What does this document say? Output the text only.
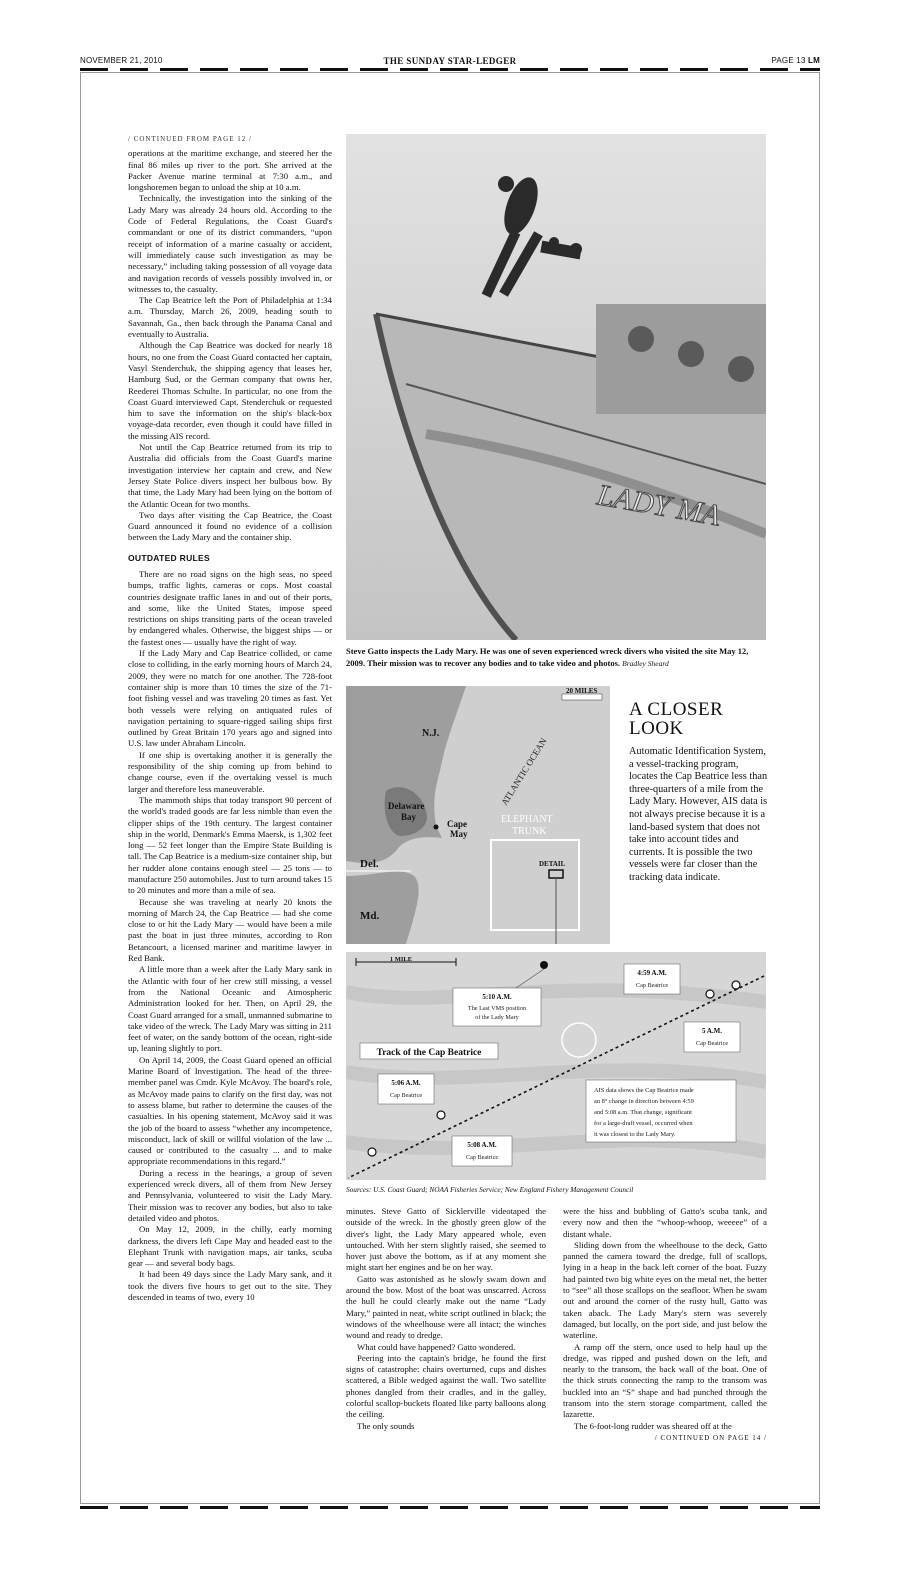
NOVEMBER 21, 2010	THE SUNDAY STAR-LEDGER	PAGE 13 LM
/ CONTINUED FROM PAGE 12 /

operations at the maritime exchange, and steered her the final 86 miles up river to the port. She arrived at the Packer Avenue marine terminal at 7:30 a.m., and longshoremen began to unload the ship at 10 a.m.

Technically, the investigation into the sinking of the Lady Mary was already 24 hours old. According to the Code of Federal Regulations, the Coast Guard's commandant or one of its district commanders, “upon receipt of information of a marine casualty or accident, will immediately cause such investigation as may be necessary,” including taking possession of all voyage data and navigation records of vessels possibly involved in, or witnesses to, the casualty.

The Cap Beatrice left the Port of Philadelphia at 1:34 a.m. Thursday, March 26, 2009, heading south to Savannah, Ga., then back through the Panama Canal and eventually to Australia.

Although the Cap Beatrice was docked for nearly 18 hours, no one from the Coast Guard contacted her captain, Vasyl Stenderchuk, the shipping agency that leases her, Hamburg Sud, or the German company that owns her, Reederei Thomas Schulte. In particular, no one from the Coast Guard interviewed Capt. Stenderchuk or requested him to save the information on the ship's black-box voyage-data recorder, even though it could have filled in the missing AIS record.

Not until the Cap Beatrice returned from its trip to Australia did officials from the Coast Guard's marine investigation interview her captain and crew, and New Jersey State Police divers inspect her bulbous bow. By that time, the Lady Mary had been lying on the bottom of the Atlantic Ocean for two months.

Two days after visiting the Cap Beatrice, the Coast Guard announced it found no evidence of a collision between the Lady Mary and the container ship.

OUTDATED RULES

There are no road signs on the high seas, no speed bumps, traffic lights, cameras or cops. Most coastal countries designate traffic lanes in and out of their ports, and some, like the United States, impose speed restrictions on ships transiting parts of the ocean traveled by endangered whales. Otherwise, the biggest ships — or the fastest ones — usually have the right of way.

If the Lady Mary and Cap Beatrice collided, or came close to colliding, in the early morning hours of March 24, 2009, they were no match for one another. The 728-foot container ship is more than 10 times the size of the 71-foot fishing vessel and was traveling 20 times as fast. Yet both vessels were relying on antiquated rules of navigation pertaining to square-rigged sailing ships first outlined by Great Britain 170 years ago and signed into U.S. law under Abraham Lincoln.

If one ship is overtaking another it is generally the responsibility of the ship coming up from behind to change course, even if the overtaking vessel is much larger and therefore less maneuverable.

The mammoth ships that today transport 90 percent of the world's traded goods are far less nimble than even the clipper ships of the 19th century. The largest container ship in the world, Denmark's Emma Maersk, is 1,302 feet long — 52 feet longer than the Empire State Building is tall. The Cap Beatrice is a medium-size container ship, but her rudder alone contains enough steel — 25 tons — to manufacture 250 automobiles. Just to turn around takes 15 to 20 minutes and more than a mile of sea.

Because she was traveling at nearly 20 knots the morning of March 24, the Cap Beatrice — had she come close to or hit the Lady Mary — would have been a mile past the boat in just three minutes, according to Ron Betancourt, a licensed mariner and maritime lawyer in Red Bank.

A little more than a week after the Lady Mary sank in the Atlantic with four of her crew still missing, a vessel from the National Oceanic and Atmospheric Administration looked for her. Then, on April 29, the Coast Guard arranged for a small, unmanned submarine to take video of the wreck. The Lady Mary was sitting in 211 feet of water, on the sandy bottom of the ocean, right-side up, leaning slightly to port.

On April 14, 2009, the Coast Guard opened an official Marine Board of Investigation. The head of the three-member panel was Cmdr. Kyle McAvoy. The board's role, as McAvoy made pains to clarify on the first day, was not to assess blame, but rather to determine the causes of the casualties. In his opening statement, McAvoy said it was the job of the board to assess “whether any incompetence, misconduct, lack of skill or willful violation of the law ... caused or contributed to the casualty ... and to make appropriate recommendations in this regard.”

During a recess in the hearings, a group of seven experienced wreck divers, all of them from New Jersey and Pennsylvania, volunteered to visit the Lady Mary. Their mission was to recover any bodies, but also to take detailed video and photos.

On May 12, 2009, in the chilly, early morning darkness, the divers left Cape May and headed east to the Elephant Trunk with navigation maps, air tanks, scuba gear — and several body bags.

It had been 49 days since the Lady Mary sank, and it took the divers five hours to get out to the site. They descended in teams of two, every 10

LADY MA
Steve Gatto inspects the Lady Mary. He was one of seven experienced wreck divers who visited the site May 12, 2009. Their mission was to recover any bodies and to take video and photos. Bradley Sheard
20 MILES
N.J.
ATLANTIC OCEAN
Delaware
Bay
Cape
May
ELEPHANT
TRUNK
DETAIL
Del.
Md.
A CLOSER
LOOK

Automatic Identification System, a vessel-tracking program, locates the Cap Beatrice less than three-quarters of a mile from the Lady Mary. However, AIS data is not always precise because it is a land-based system that does not take into account tides and currents. It is possible the two vessels were far closer than the tracking data indicate.

1 MILE
5:10 A.M.
The Last VMS position
of the Lady Mary
4:59 A.M.
Cap Beatrice
5 A.M.
Cap Beatrice
Track of the Cap Beatrice
5:06 A.M.
Cap Beatrice
5:08 A.M.
Cap Beatrice
AIS data shows the Cap Beatrice made
an 8° change in direction between 4:59
and 5:08 a.m. That change, significant
for a large-draft vessel, occurred when
it was closest to the Lady Mary.
Sources: U.S. Coast Guard; NOAA Fisheries Service; New England Fishery Management Council

minutes. Steve Gatto of Sicklerville videotaped the outside of the wreck. In the ghostly green glow of the diver's light, the Lady Mary appeared whole, even untouched. With her stern slightly raised, she seemed to hover just above the bottom, as if at any moment she might start her engines and be on her way.

Gatto was astonished as he slowly swam down and around the bow. Most of the boat was unscarred. Across the hull he could clearly make out the name “Lady Mary,” painted in neat, white script outlined in black; the windows of the wheelhouse were all intact; the winches wound and ready to dredge.

What could have happened? Gatto wondered.

Peering into the captain's bridge, he found the first signs of catastrophe: chairs overturned, cups and dishes scattered, a Bible wedged against the wall. Two satellite phones dangled from their cradles, and in the galley, colorful scallop-buckets floated like party balloons along the ceiling.

The only sounds

were the hiss and bubbling of Gatto's scuba tank, and every now and then the “whoop-whoop, weeeee” of a distant whale.

Sliding down from the wheelhouse to the deck, Gatto panned the camera toward the dredge, full of scallops, lying in a heap in the back left corner of the boat. Fuzzy had painted two big white eyes on the metal net, the better to “see” all those scallops on the seafloor. When he swam out and around the corner of the rusty hull, Gatto was taken aback. The Lady Mary's stern was severely damaged, but locally, on the port side, and just below the waterline.

A ramp off the stern, once used to help haul up the dredge, was ripped and pushed down on the left, and nearly to the transom, the back wall of the boat. One of the thick struts connecting the ramp to the transom was buckled into an “S” shape and had punched through the transom into the stern storage compartment, called the lazarette.

The 6-foot-long rudder was sheared off at the

/ CONTINUED ON PAGE 14 /
